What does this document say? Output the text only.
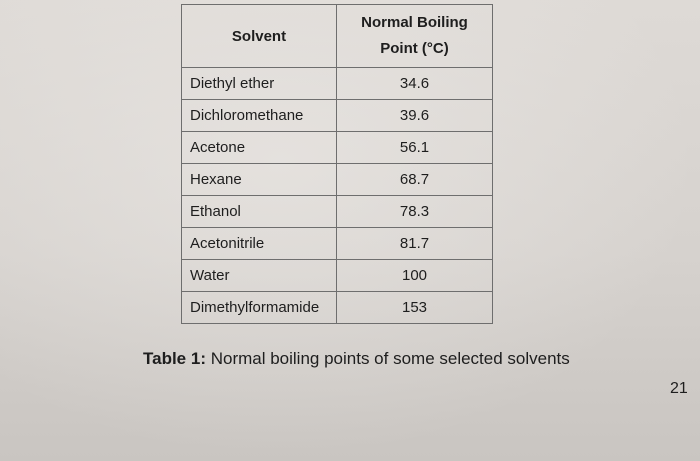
Solvent	Normal Boiling
Point (°C)
Diethyl ether	34.6
Dichloromethane	39.6
Acetone	56.1
Hexane	68.7
Ethanol	78.3
Acetonitrile	81.7
Water	100
Dimethylformamide	153
Table 1: Normal boiling points of some selected solvents
21
